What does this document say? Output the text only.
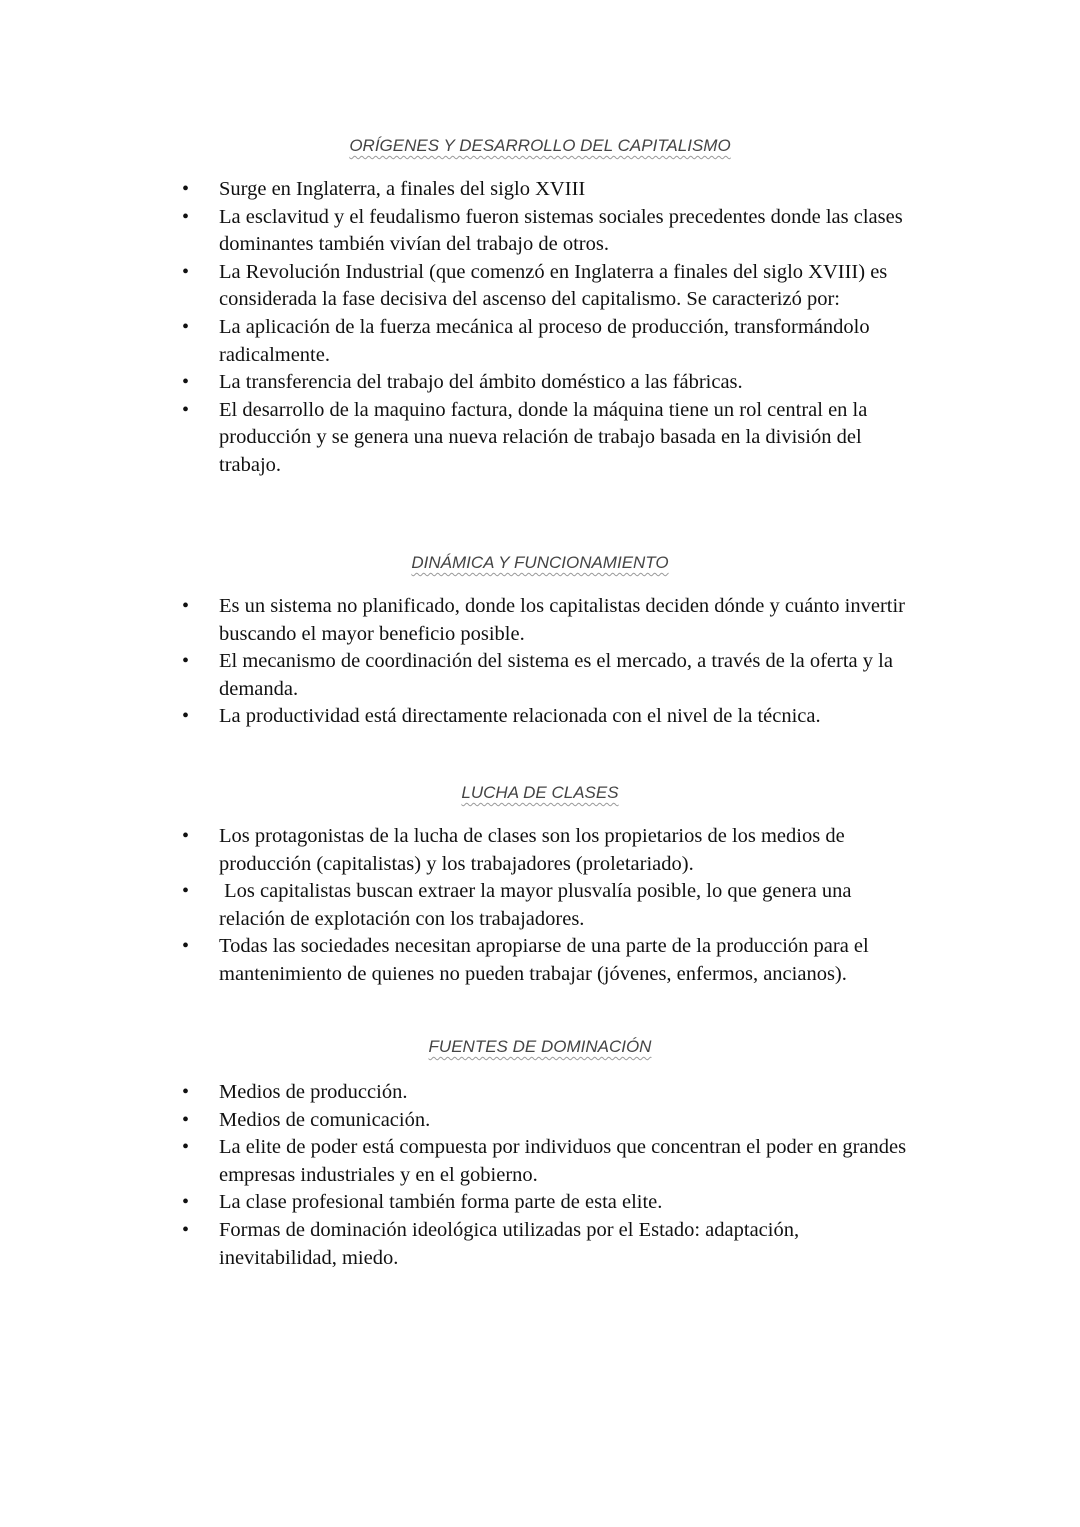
ORÍGENES Y DESARROLLO DEL CAPITALISMO
• Surge en Inglaterra, a finales del siglo XVIII
• La esclavitud y el feudalismo fueron sistemas sociales precedentes donde las clases dominantes también vivían del trabajo de otros.
• La Revolución Industrial (que comenzó en Inglaterra a finales del siglo XVIII) es considerada la fase decisiva del ascenso del capitalismo. Se caracterizó por:
• La aplicación de la fuerza mecánica al proceso de producción, transformándolo radicalmente.
• La transferencia del trabajo del ámbito doméstico a las fábricas.
• El desarrollo de la maquino factura, donde la máquina tiene un rol central en la producción y se genera una nueva relación de trabajo basada en la división del trabajo.
DINÁMICA Y FUNCIONAMIENTO
• Es un sistema no planificado, donde los capitalistas deciden dónde y cuánto invertir buscando el mayor beneficio posible.
• El mecanismo de coordinación del sistema es el mercado, a través de la oferta y la demanda.
• La productividad está directamente relacionada con el nivel de la técnica.
LUCHA DE CLASES
• Los protagonistas de la lucha de clases son los propietarios de los medios de producción (capitalistas) y los trabajadores (proletariado).
• Los capitalistas buscan extraer la mayor plusvalía posible, lo que genera una relación de explotación con los trabajadores.
• Todas las sociedades necesitan apropiarse de una parte de la producción para el mantenimiento de quienes no pueden trabajar (jóvenes, enfermos, ancianos).
FUENTES DE DOMINACIÓN
• Medios de producción.
• Medios de comunicación.
• La elite de poder está compuesta por individuos que concentran el poder en grandes empresas industriales y en el gobierno.
• La clase profesional también forma parte de esta elite.
• Formas de dominación ideológica utilizadas por el Estado: adaptación, inevitabilidad, miedo.
